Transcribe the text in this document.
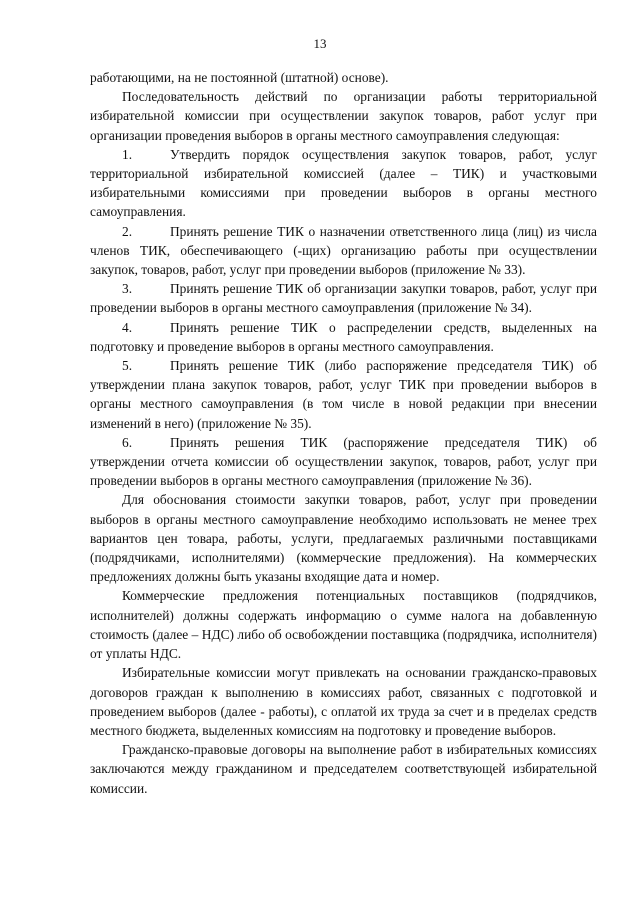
13

работающими, на не постоянной (штатной) основе).

Последовательность действий по организации работы территориальной избирательной комиссии при осуществлении закупок товаров, работ услуг при организации проведения выборов в органы местного самоуправления следующая:

1.	Утвердить порядок осуществления закупок товаров, работ, услуг территориальной избирательной комиссией (далее – ТИК) и участковыми избирательными комиссиями при проведении выборов в органы местного самоуправления.

2.	Принять решение ТИК о назначении ответственного лица (лиц) из числа членов ТИК, обеспечивающего (-щих) организацию работы при осуществлении закупок, товаров, работ, услуг при проведении выборов (приложение № 33).

3.	Принять решение ТИК об организации закупки товаров, работ, услуг при проведении выборов в органы местного самоуправления (приложение № 34).

4.	Принять решение ТИК о распределении средств, выделенных на подготовку и проведение выборов в органы местного самоуправления.

5.	Принять решение ТИК (либо распоряжение председателя ТИК) об утверждении плана закупок товаров, работ, услуг ТИК при проведении выборов в органы местного самоуправления (в том числе в новой редакции при внесении изменений в него) (приложение № 35).

6.	Принять решения ТИК (распоряжение председателя ТИК) об утверждении отчета комиссии об осуществлении закупок, товаров, работ, услуг при проведении выборов в органы местного самоуправления (приложение № 36).

Для обоснования стоимости закупки товаров, работ, услуг при проведении выборов в органы местного самоуправление необходимо использовать не менее трех вариантов цен товара, работы, услуги, предлагаемых различными поставщиками (подрядчиками, исполнителями) (коммерческие предложения). На коммерческих предложениях должны быть указаны входящие дата и номер.

Коммерческие предложения потенциальных поставщиков (подрядчиков, исполнителей) должны содержать информацию о сумме налога на добавленную стоимость (далее – НДС) либо об освобождении поставщика (подрядчика, исполнителя) от уплаты НДС.

Избирательные комиссии могут привлекать на основании гражданско-правовых договоров граждан к выполнению в комиссиях работ, связанных с подготовкой и проведением выборов (далее - работы), с оплатой их труда за счет и в пределах средств местного бюджета, выделенных комиссиям на подготовку и проведение выборов.

Гражданско-правовые договоры на выполнение работ в избирательных комиссиях заключаются между гражданином и председателем соответствующей избирательной комиссии.
